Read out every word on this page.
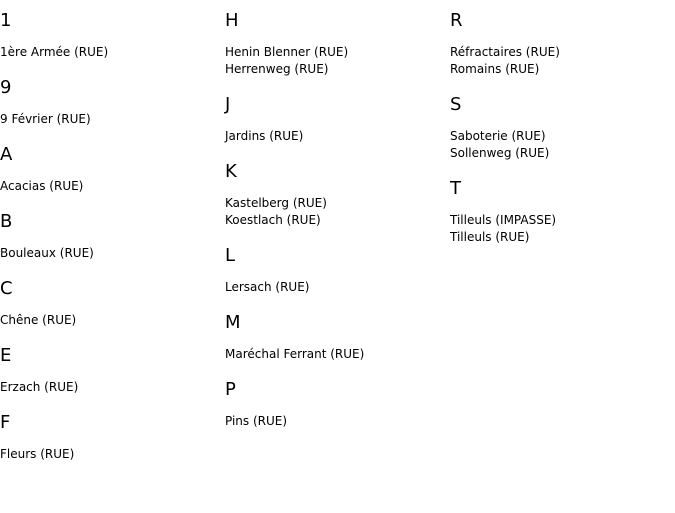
1
1ère Armée (RUE)
9
9 Février (RUE)
A
Acacias (RUE)
B
Bouleaux (RUE)
C
Chêne (RUE)
E
Erzach (RUE)
F
Fleurs (RUE)
H
Henin Blenner (RUE)
Herrenweg (RUE)
J
Jardins (RUE)
K
Kastelberg (RUE)
Koestlach (RUE)
L
Lersach (RUE)
M
Maréchal Ferrant (RUE)
P
Pins (RUE)
R
Réfractaires (RUE)
Romains (RUE)
S
Saboterie (RUE)
Sollenweg (RUE)
T
Tilleuls (IMPASSE)
Tilleuls (RUE)
